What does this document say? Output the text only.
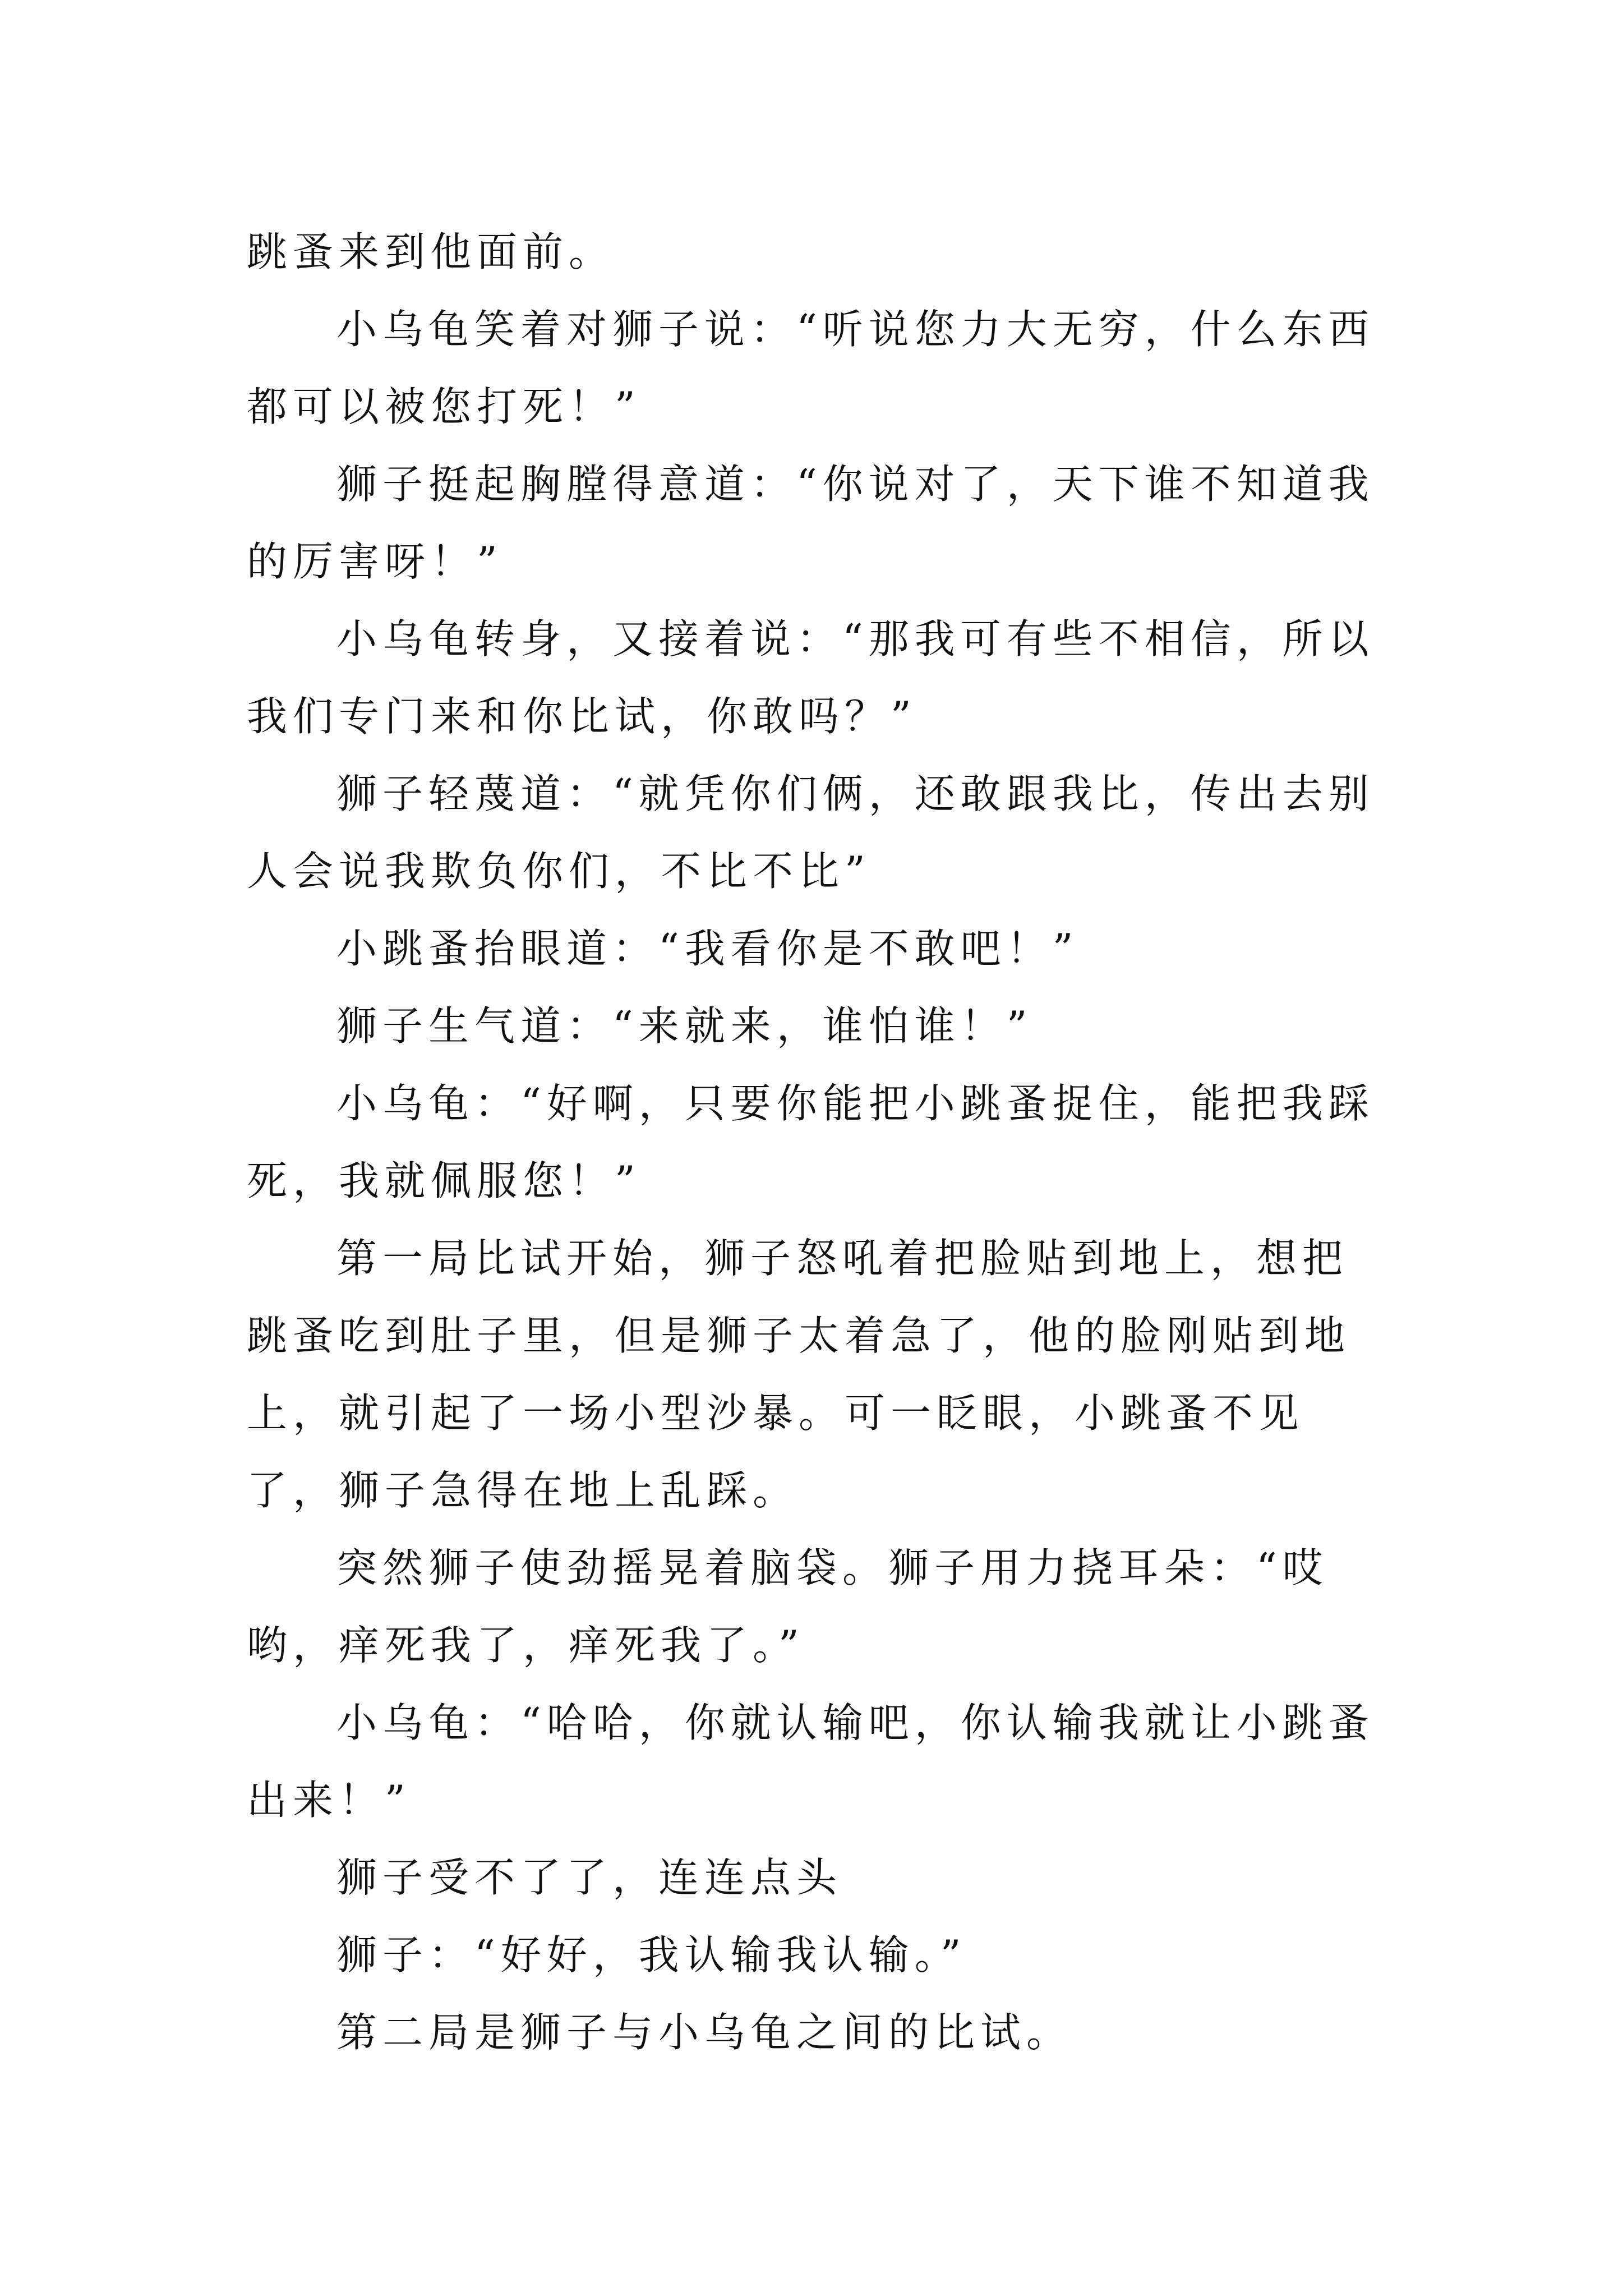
跳蚤来到他面前。

小乌龟笑着对狮子说：“听说您力大无穷，什么东西都可以被您打死！”

狮子挺起胸膛得意道：“你说对了，天下谁不知道我的厉害呀！”

小乌龟转身，又接着说：“那我可有些不相信，所以我们专门来和你比试，你敢吗？”

狮子轻蔑道：“就凭你们俩，还敢跟我比，传出去别人会说我欺负你们，不比不比”

小跳蚤抬眼道：“我看你是不敢吧！”

狮子生气道：“来就来，谁怕谁！”

小乌龟：“好啊，只要你能把小跳蚤捉住，能把我踩死，我就佩服您！”

第一局比试开始，狮子怒吼着把脸贴到地上，想把跳蚤吃到肚子里，但是狮子太着急了，他的脸刚贴到地上，就引起了一场小型沙暴。可一眨眼，小跳蚤不见了，狮子急得在地上乱踩。

突然狮子使劲摇晃着脑袋。狮子用力挠耳朵：“哎哟，痒死我了，痒死我了。”

小乌龟：“哈哈，你就认输吧，你认输我就让小跳蚤出来！”

狮子受不了了，连连点头

狮子：“好好，我认输我认输。”

第二局是狮子与小乌龟之间的比试。
